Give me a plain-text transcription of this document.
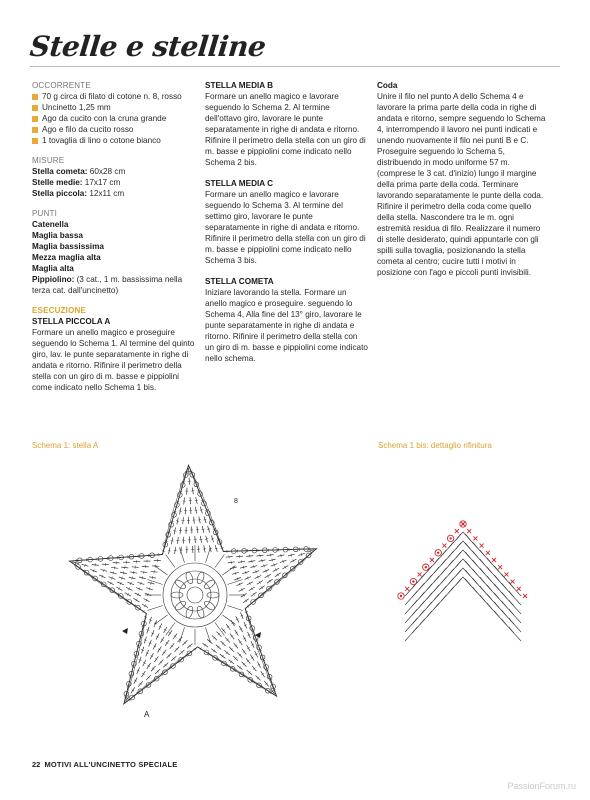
Stelle e stelline
OCCORRENTE
70 g circa di filato di cotone n. 8, rosso
Uncinetto 1,25 mm
Ago da cucito con la cruna grande
Ago e filo da cucito rosso
1 tovaglia di lino o cotone bianco
MISURE
Stella cometa: 60x28 cm
Stelle medie: 17x17 cm
Stella piccola: 12x11 cm
PUNTI
Catenella
Maglia bassa
Maglia bassissima
Mezza maglia alta
Maglia alta
Pippiolino: (3 cat., 1 m. bassissima nella terza cat. dall'uncinetto)
ESECUZIONE
STELLA PICCOLA A
Formare un anello magico e proseguire seguendo lo Schema 1. Al termine del quinto giro, lav. le punte separatamente in righe di andata e ritorno. Rifinire il perimetro della stella con un giro di m. basse e pippiolini come indicato nello Schema 1 bis.
STELLA MEDIA B
Formare un anello magico e lavorare seguendo lo Schema 2. Al termine dell'ottavo giro, lavorare le punte separatamente in righe di andata e ritorno. Rifinire il perimetro della stella con un giro di m. basse e pippiolini come indicato nello Schema 2 bis.
STELLA MEDIA C
Formare un anello magico e lavorare seguendo lo Schema 3. Al termine del settimo giro, lavorare le punte separatamente in righe di andata e ritorno. Rifinire il perimetro della stella con un giro di m. basse e pippiolini come indicato nello Schema 3 bis.
STELLA COMETA
Iniziare lavorando la stella. Formare un anello magico e proseguire. seguendo lo Schema 4, Alla fine del 13° giro, lavorare le punte separatamente in righe di andata e ritorno. Rifinire il perimetro della stella con un giro di m. basse e pippiolini come indicato nello schema.
Coda
Unire il filo nel punto A dello Schema 4 e lavorare la prima parte della coda in righe di andata e ritorno, sempre seguendo lo Schema 4, interrompendo il lavoro nei punti indicati e unendo nuovamente il filo nei punti B e C. Proseguire seguendo lo Schema 5, distribuendo in modo uniforme 57 m. (comprese le 3 cat. d'inizio) lungo il margine della prima parte della coda. Terminare lavorando separatamente le punte della coda. Rifinire il perimetro della coda come quello della stella. Nascondere tra le m. ogni estremità residua di filo. Realizzare il numero di stelle desiderato, quindi appuntarle con gli spilli sulla tovaglia, posizionando la stella cometa al centro; cucire tutti i motivi in posizione con l'ago e piccoli punti invisibili.
Schema 1: stella A	Schema 1 bis: dettaglio rifinitura
8
A
22 MOTIVI ALL'UNCINETTO SPECIALE
PassionForum.ru
